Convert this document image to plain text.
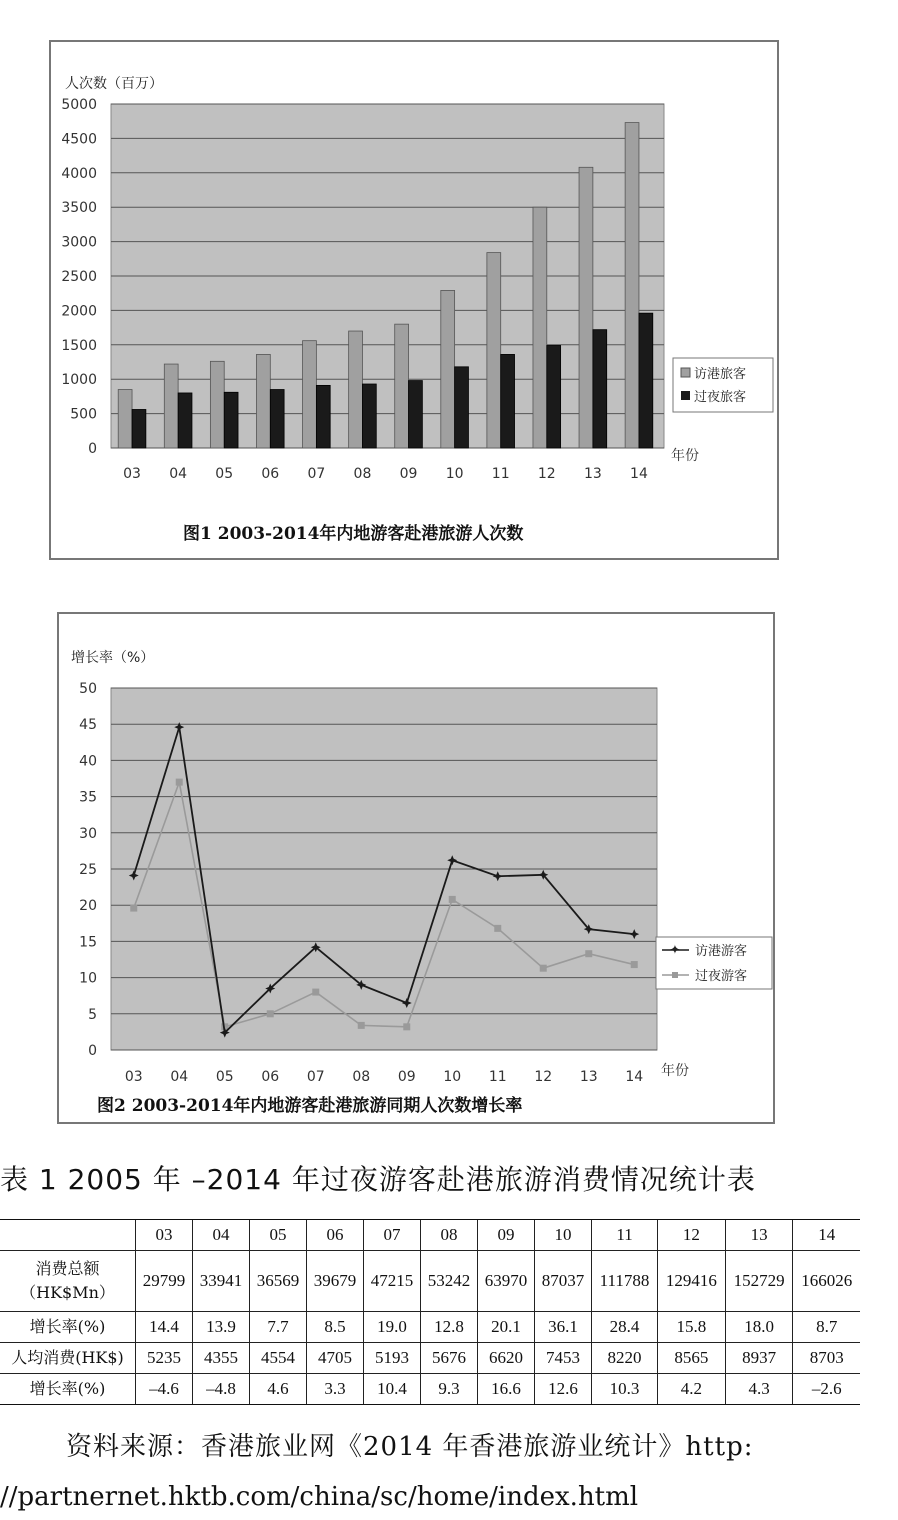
人次数（百万）
0
500
1000
1500
2000
2500
3000
3500
4000
4500
5000
03 04 05 06 07 08 09 10 11 12 13 14
年份
访港旅客
过夜旅客
图1 2003-2014年内地游客赴港旅游人次数
增长率（%）
0
5
10
15
20
25
30
35
40
45
50
03 04 05 06 07 08 09 10 11 12 13 14 年份
✦ 访港游客
过夜游客
图2 2003-2014年内地游客赴港旅游同期人次数增长率
表 1 2005 年 –2014 年过夜游客赴港旅游消费情况统计表
	03	04	05	06	07	08	09	10	11	12	13	14

消费总额
（HK$Mn）	29799	33941	36569	39679	47215	53242	63970	87037	111788	129416	152729	166026

增长率(%)	14.4	13.9	7.7	8.5	19.0	12.8	20.1	36.1	28.4	15.8	18.0	8.7

人均消费(HK$)	5235	4355	4554	4705	5193	5676	6620	7453	8220	8565	8937	8703

增长率(%)	–4.6	–4.8	4.6	3.3	10.4	9.3	16.6	12.6	10.3	4.2	4.3	–2.6
资料来源：香港旅业网《2014 年香港旅游业统计》http:
//partnernet.hktb.com/china/sc/home/index.html
